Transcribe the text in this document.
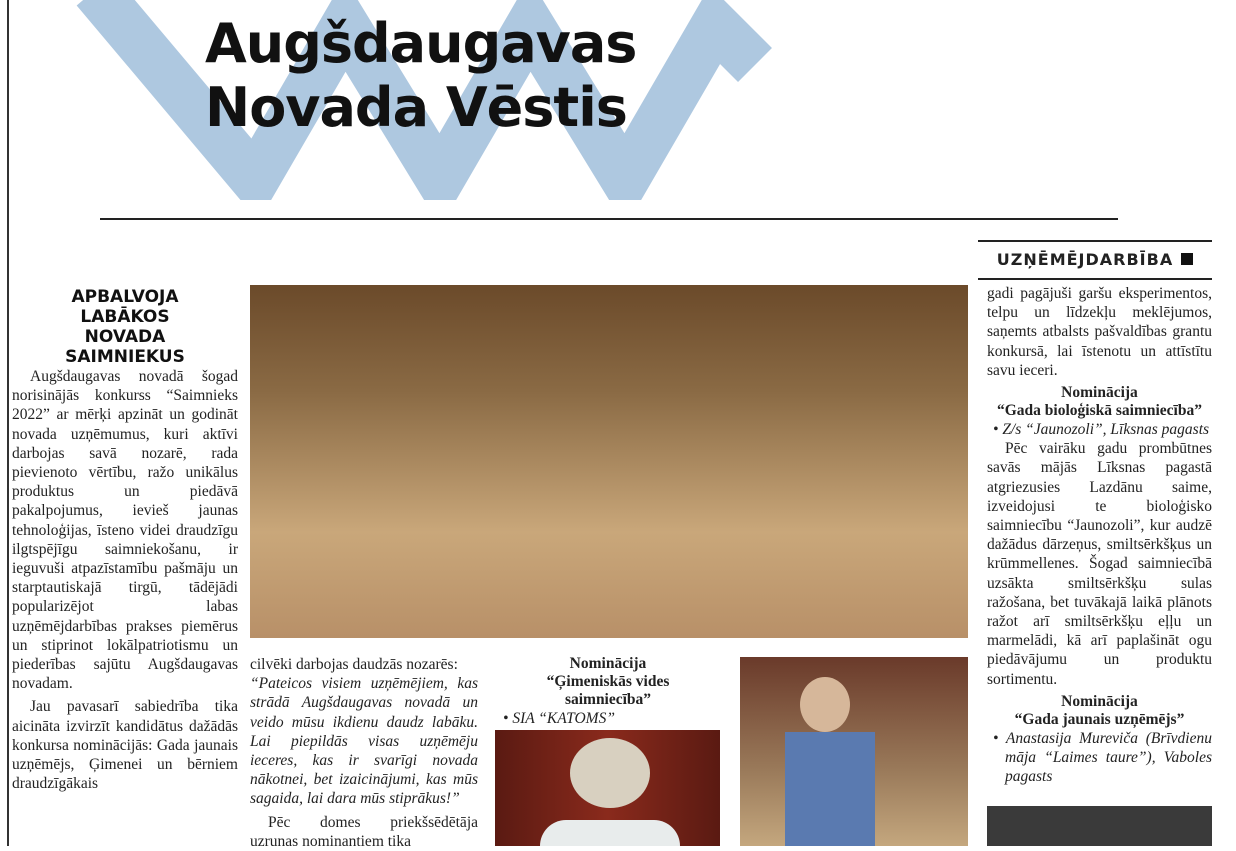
Augšdaugavas
Novada Vēstis
UZŅĒMĒJDARBĪBA
APBALVOJA LABĀKOS NOVADA SAIMNIEKUS

Augšdaugavas novadā šogad norisinājās konkurss “Saimnieks 2022” ar mērķi apzināt un godināt novada uzņēmumus, kuri aktīvi darbojas savā nozarē, rada pievienoto vērtību, ražo unikālus produktus un piedāvā pakalpojumus, ievieš jaunas tehnoloģijas, īsteno videi draudzīgu ilgtspējīgu saimniekošanu, ir ieguvuši atpazīstamību pašmāju un starptautiskajā tirgū, tādējādi popularizējot labas uzņēmējdarbības prakses piemērus un stiprinot lokālpatriotismu un piederības sajūtu Augšdaugavas novadam.

Jau pavasarī sabiedrība tika aicināta izvirzīt kandidātus dažādās konkursa nominācijās: Gada jaunais uzņēmējs, Ģimenei un bērniem draudzīgākais

cilvēki darbojas daudzās nozarēs:
“Pateicos visiem uzņēmējiem, kas strādā Augšdaugavas novadā un veido mūsu ikdienu daudz labāku. Lai piepildās visas uzņēmēju ieceres, kas ir svarīgi novada nākotnei, bet izaicinājumi, kas mūs sagaida, lai dara mūs stiprākus!”

Pēc domes priekšsēdētāja uzrunas nominantiem tika

Nominācija
“Ģimeniskās vides saimniecība”
• SIA “KATOMS”
gadi pagājuši garšu eksperimentos, telpu un līdzekļu meklējumos, saņemts atbalsts pašvaldības grantu konkursā, lai īstenotu un attīstītu savu ieceri.
Nominācija
“Gada bioloģiskā saimniecība”
• Z/s “Jaunozoli”, Līksnas pagasts

Pēc vairāku gadu prombūtnes savās mājās Līksnas pagastā atgriezusies Lazdānu saime, izveidojusi te bioloģisko saimniecību “Jaunozoli”, kur audzē dažādus dārzeņus, smiltsērkšķus un krūmmellenes. Šogad saimniecībā uzsākta smiltsērkšķu sulas ražošana, bet tuvākajā laikā plānots ražot arī smiltsērkšķu eļļu un marmelādi, kā arī paplašināt ogu piedāvājumu un produktu sortimentu.

Nominācija
“Gada jaunais uzņēmējs”
• Anastasija Mureviča (Brīvdienu māja “Laimes taure”), Vaboles pagasts
